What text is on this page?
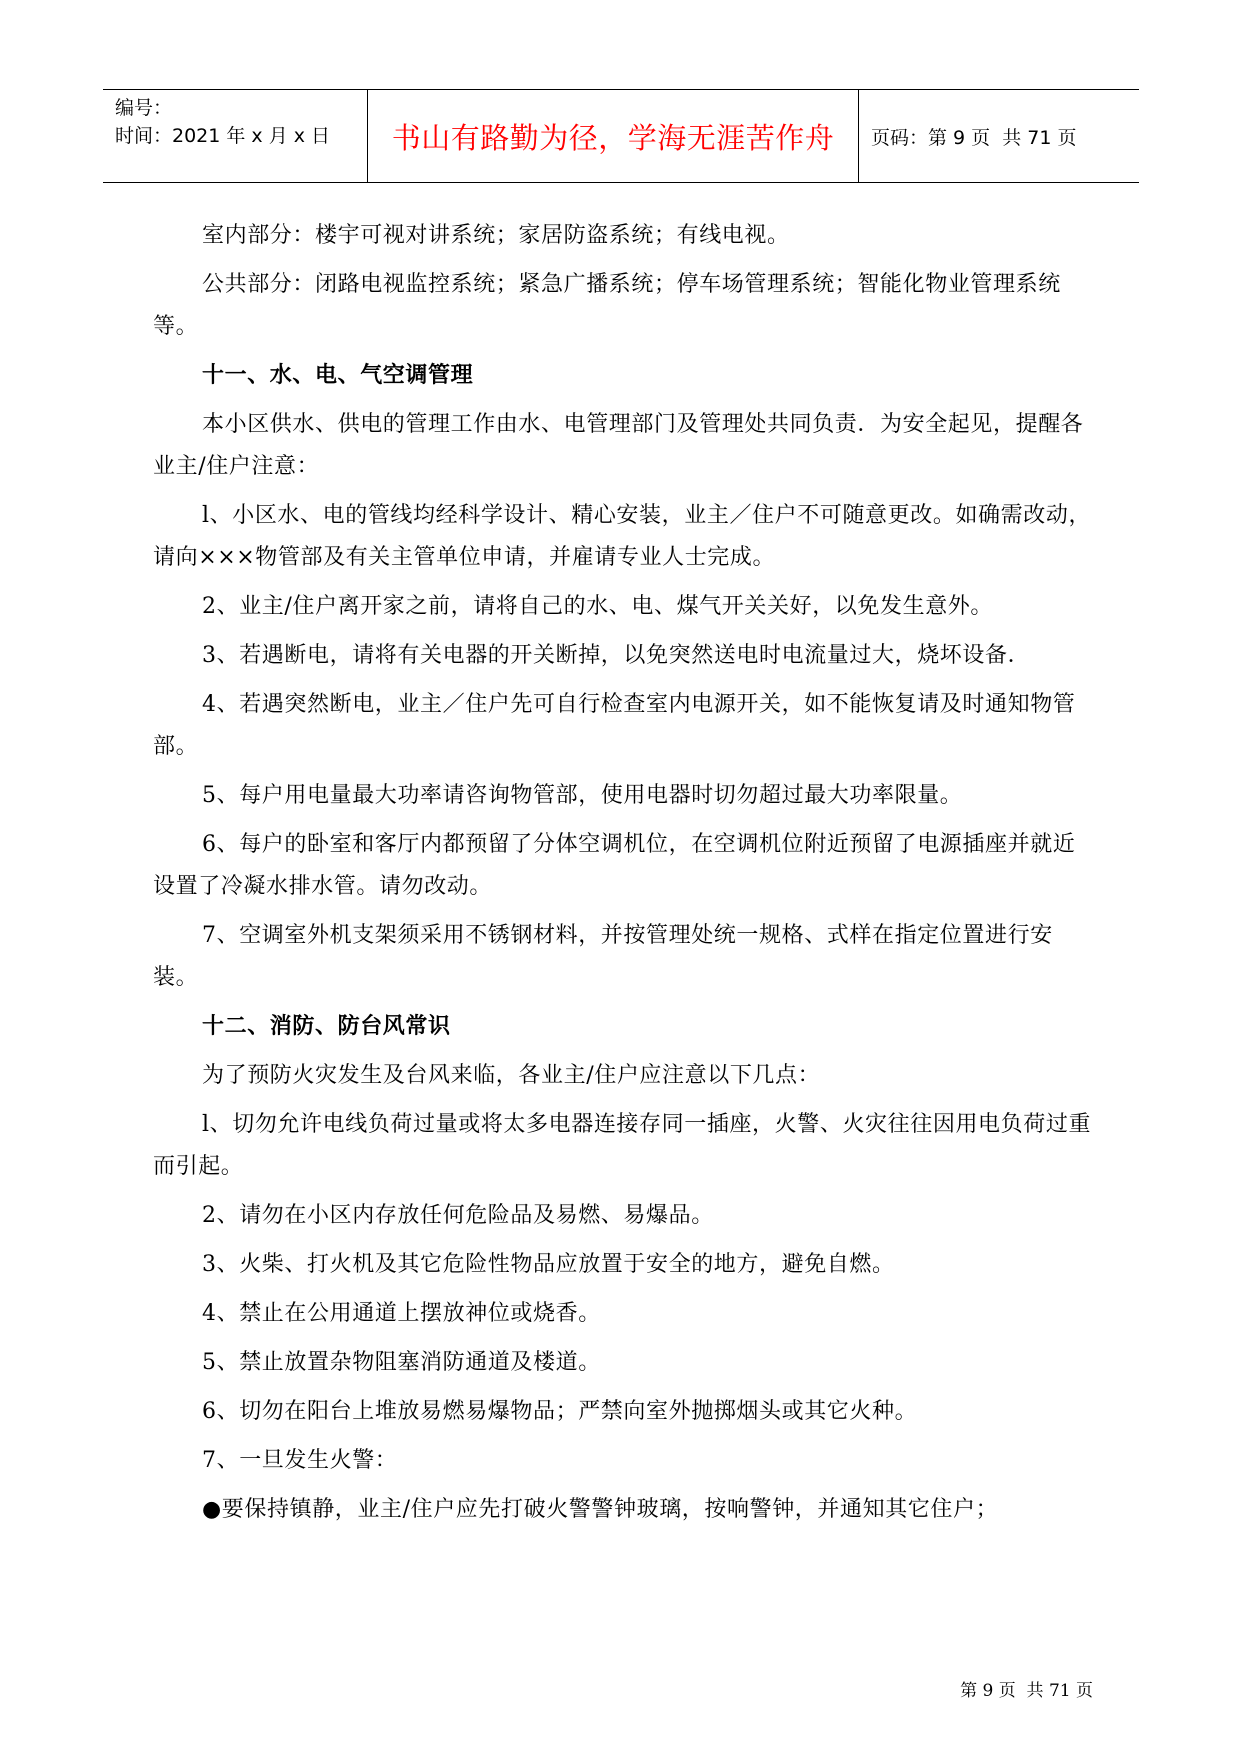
编号：
时间：2021 年 x 月 x 日	书山有路勤为径，学海无涯苦作舟	页码：第 9 页  共 71 页

室内部分：楼宇可视对讲系统；家居防盗系统；有线电视。

公共部分：闭路电视监控系统；紧急广播系统；停车场管理系统；智能化物业管理系统等。

十一、水、电、气空调管理

本小区供水、供电的管理工作由水、电管理部门及管理处共同负责．为安全起见，提醒各业主/住户注意：

l、小区水、电的管线均经科学设计、精心安装，业主／住户不可随意更改。如确需改动，请向×××物管部及有关主管单位申请，并雇请专业人士完成。

2、业主/住户离开家之前，请将自己的水、电、煤气开关关好，以免发生意外。

3、若遇断电，请将有关电器的开关断掉，以免突然送电时电流量过大，烧坏设备．

4、若遇突然断电，业主／住户先可自行检查室内电源开关，如不能恢复请及时通知物管部。

5、每户用电量最大功率请咨询物管部，使用电器时切勿超过最大功率限量。

6、每户的卧室和客厅内都预留了分体空调机位，在空调机位附近预留了电源插座并就近设置了冷凝水排水管。请勿改动。

7、空调室外机支架须采用不锈钢材料，并按管理处统一规格、式样在指定位置进行安装。

十二、消防、防台风常识

为了预防火灾发生及台风来临，各业主/住户应注意以下几点：

l、切勿允许电线负荷过量或将太多电器连接存同一插座，火警、火灾往往因用电负荷过重而引起。

2、请勿在小区内存放任何危险品及易燃、易爆品。

3、火柴、打火机及其它危险性物品应放置于安全的地方，避免自燃。

4、禁止在公用通道上摆放神位或烧香。

5、禁止放置杂物阻塞消防通道及楼道。

6、切勿在阳台上堆放易燃易爆物品；严禁向室外抛掷烟头或其它火种。

7、一旦发生火警：

●要保持镇静，业主/住户应先打破火警警钟玻璃，按响警钟，并通知其它住户；

第 9 页  共 71 页
